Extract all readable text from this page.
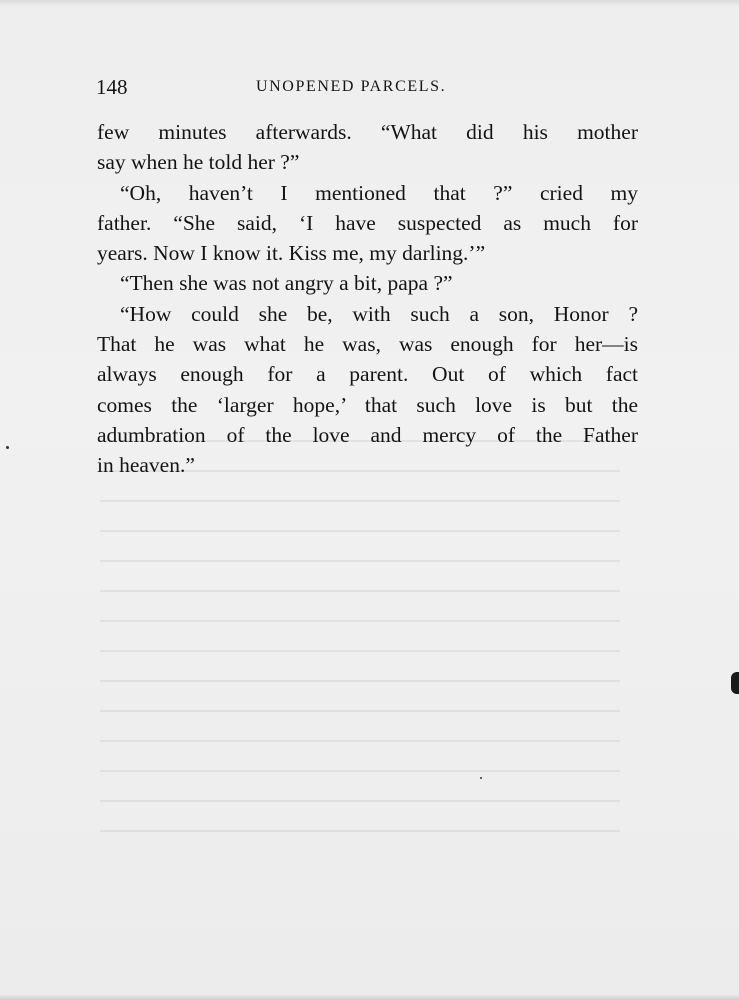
148	UNOPENED PARCELS.
few minutes afterwards. “What did his mother
say when he told her ?”
“Oh, haven’t I mentioned that ?” cried my
father. “She said, ‘I have suspected as much for
years. Now I know it. Kiss me, my darling.’”
“Then she was not angry a bit, papa ?”
“How could she be, with such a son, Honor ?
That he was what he was, was enough for her—is
always enough for a parent. Out of which fact
comes the ‘larger hope,’ that such love is but the
adumbration of the love and mercy of the Father
in heaven.”
